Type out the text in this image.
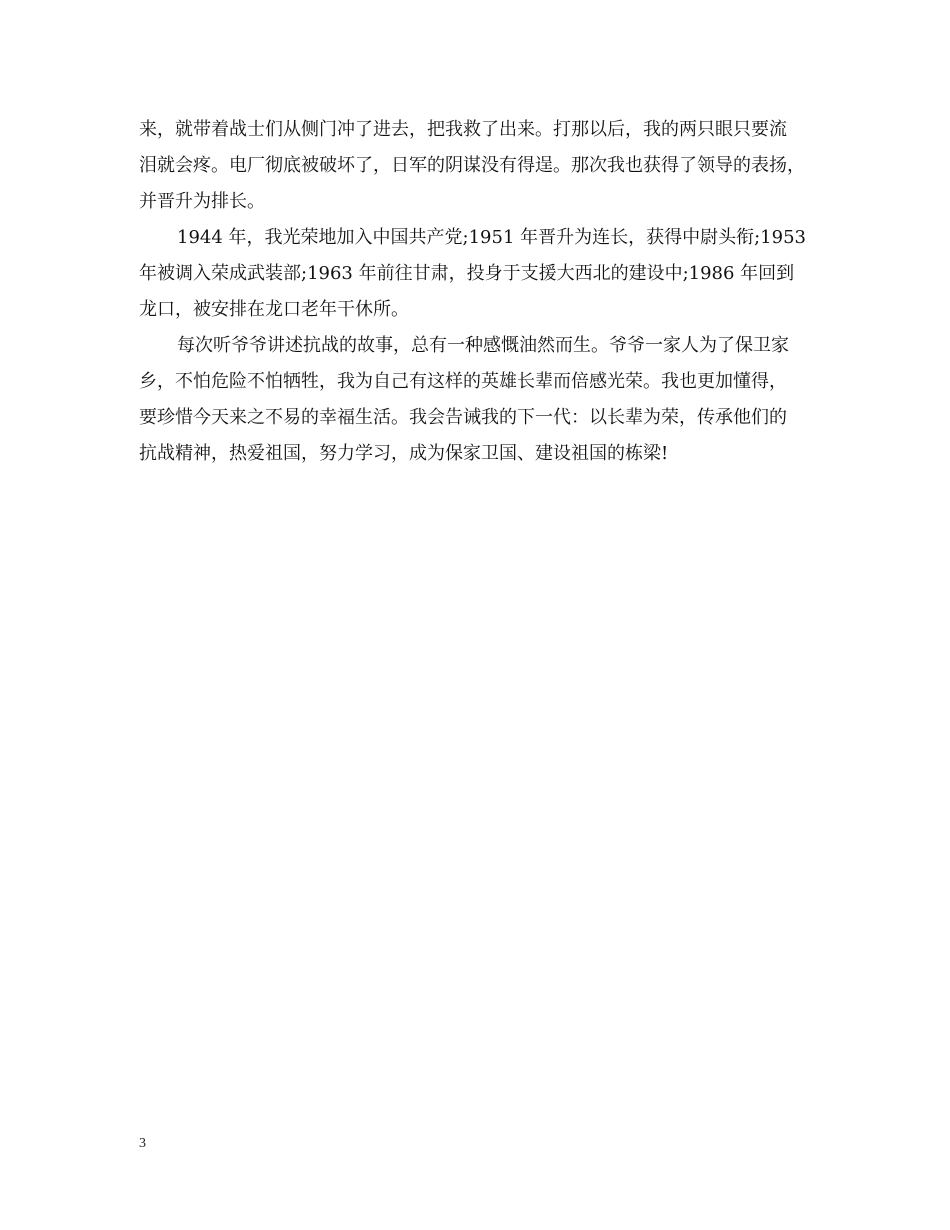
来，就带着战士们从侧门冲了进去，把我救了出来。打那以后，我的两只眼只要流
泪就会疼。电厂彻底被破坏了，日军的阴谋没有得逞。那次我也获得了领导的表扬，
并晋升为排长。
1944 年，我光荣地加入中国共产党;1951 年晋升为连长，获得中尉头衔;1953
年被调入荣成武装部;1963 年前往甘肃，投身于支援大西北的建设中;1986 年回到
龙口，被安排在龙口老年干休所。
每次听爷爷讲述抗战的故事，总有一种感慨油然而生。爷爷一家人为了保卫家
乡，不怕危险不怕牺牲，我为自己有这样的英雄长辈而倍感光荣。我也更加懂得，
要珍惜今天来之不易的幸福生活。我会告诫我的下一代：以长辈为荣，传承他们的
抗战精神，热爱祖国，努力学习，成为保家卫国、建设祖国的栋梁!
3
